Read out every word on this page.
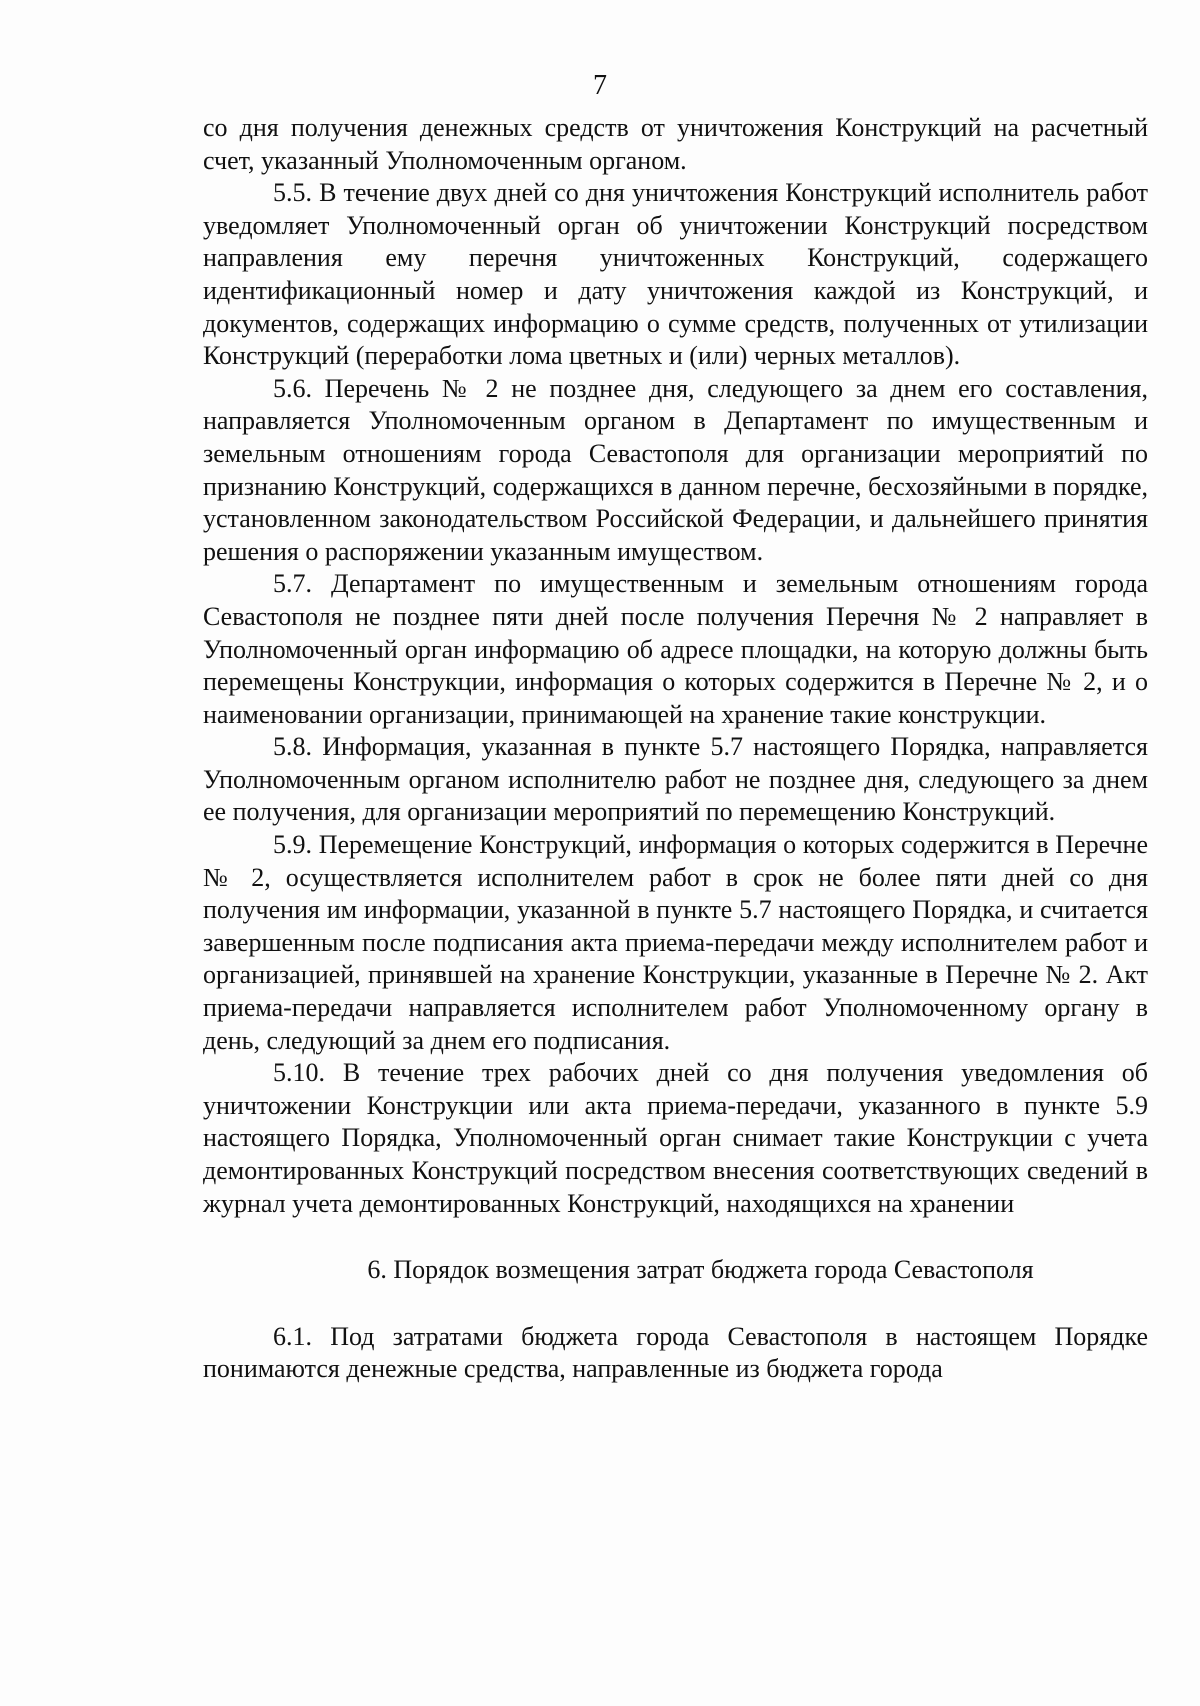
7

со дня получения денежных средств от уничтожения Конструкций на расчетный счет, указанный Уполномоченным органом.

5.5. В течение двух дней со дня уничтожения Конструкций исполнитель работ уведомляет Уполномоченный орган об уничтожении Конструкций посредством направления ему перечня уничтоженных Конструкций, содержащего идентификационный номер и дату уничтожения каждой из Конструкций, и документов, содержащих информацию о сумме средств, полученных от утилизации Конструкций (переработки лома цветных и (или) черных металлов).

5.6. Перечень № 2 не позднее дня, следующего за днем его составления, направляется Уполномоченным органом в Департамент по имущественным и земельным отношениям города Севастополя для организации мероприятий по признанию Конструкций, содержащихся в данном перечне, бесхозяйными в порядке, установленном законодательством Российской Федерации, и дальнейшего принятия решения о распоряжении указанным имуществом.

5.7. Департамент по имущественным и земельным отношениям города Севастополя не позднее пяти дней после получения Перечня № 2 направляет в Уполномоченный орган информацию об адресе площадки, на которую должны быть перемещены Конструкции, информация о которых содержится в Перечне № 2, и о наименовании организации, принимающей на хранение такие конструкции.

5.8. Информация, указанная в пункте 5.7 настоящего Порядка, направляется Уполномоченным органом исполнителю работ не позднее дня, следующего за днем ее получения, для организации мероприятий по перемещению Конструкций.

5.9. Перемещение Конструкций, информация о которых содержится в Перечне № 2, осуществляется исполнителем работ в срок не более пяти дней со дня получения им информации, указанной в пункте 5.7 настоящего Порядка, и считается завершенным после подписания акта приема-передачи между исполнителем работ и организацией, принявшей на хранение Конструкции, указанные в Перечне № 2. Акт приема-передачи направляется исполнителем работ Уполномоченному органу в день, следующий за днем его подписания.

5.10. В течение трех рабочих дней со дня получения уведомления об уничтожении Конструкции или акта приема-передачи, указанного в пункте 5.9 настоящего Порядка, Уполномоченный орган снимает такие Конструкции с учета демонтированных Конструкций посредством внесения соответствующих сведений в журнал учета демонтированных Конструкций, находящихся на хранении

6. Порядок возмещения затрат бюджета города Севастополя

6.1. Под затратами бюджета города Севастополя в настоящем Порядке понимаются денежные средства, направленные из бюджета города
